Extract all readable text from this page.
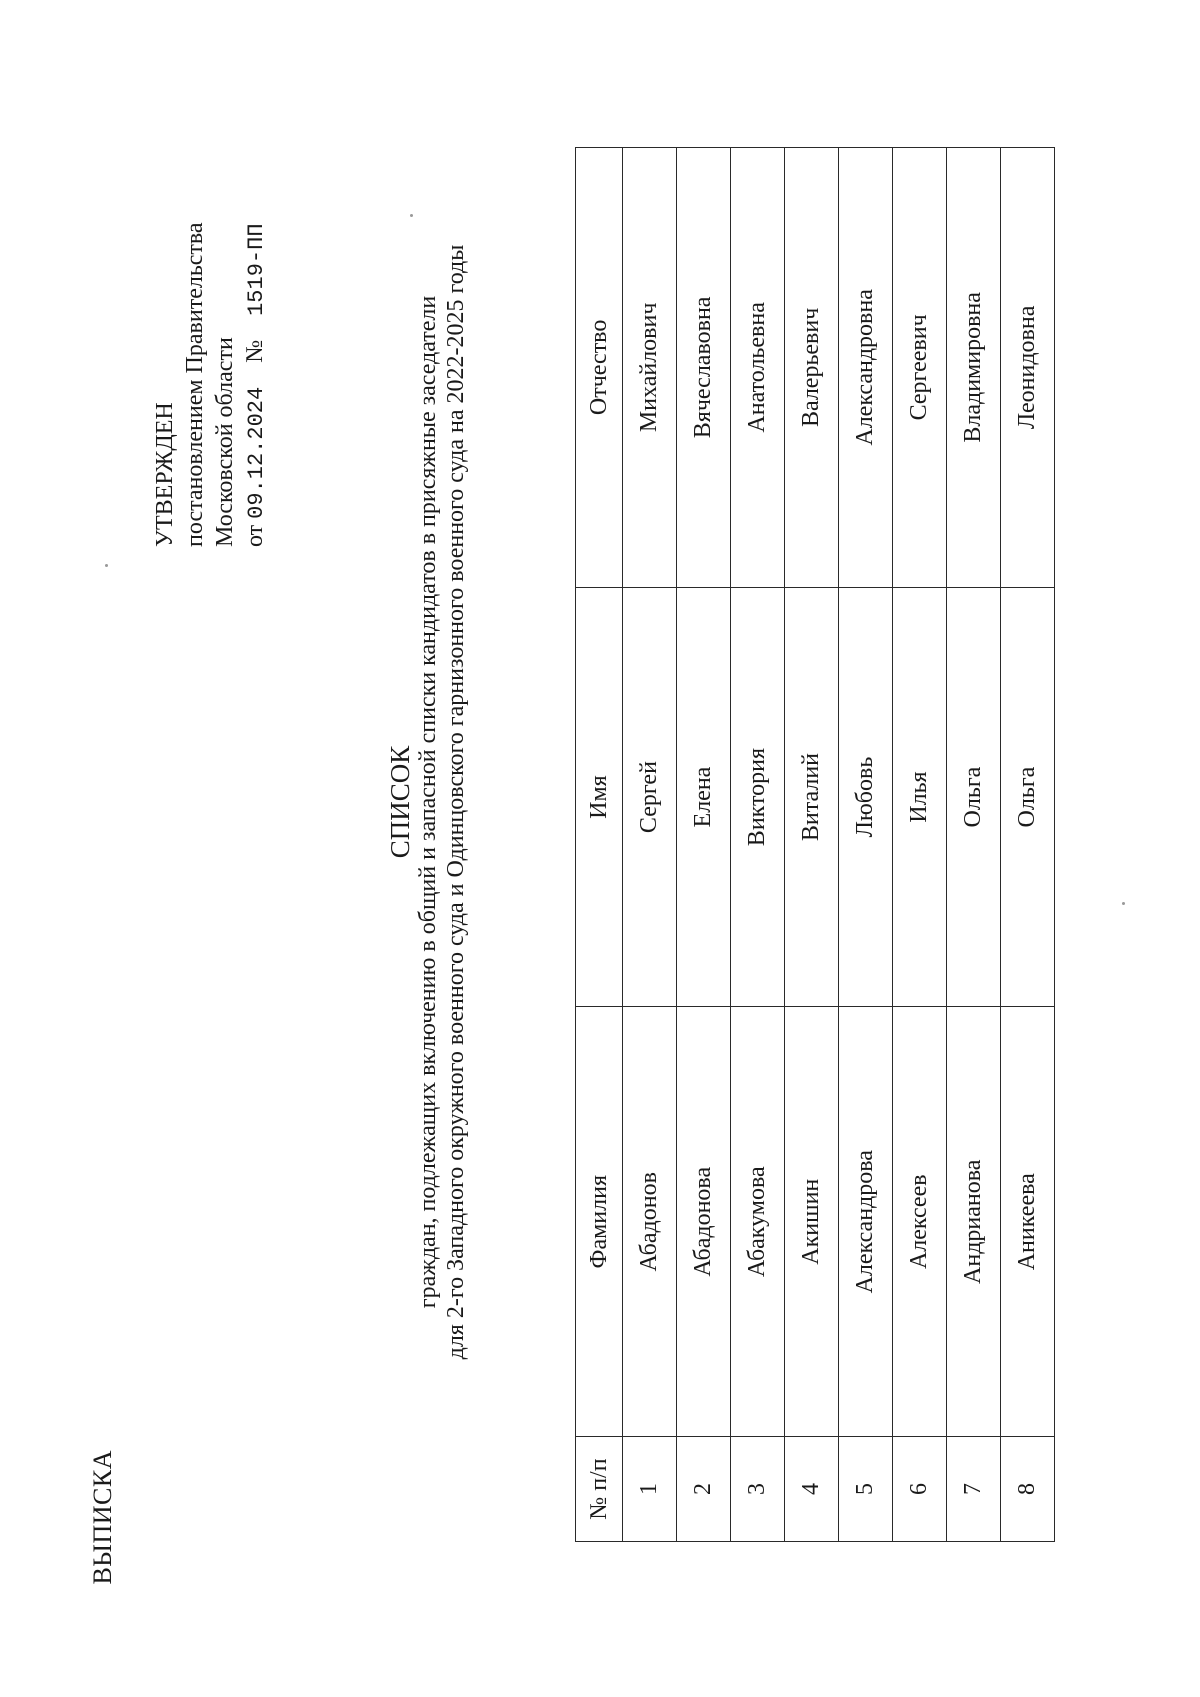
ВЫПИСКА
УТВЕРЖДЕН постановлением Правительства Московской области от 09.12.2024    №    1519-ПП
СПИСОК граждан, подлежащих включению в общий и запасной списки кандидатов в присяжные заседатели для 2-го Западного окружного военного суда и Одинцовского гарнизонного военного суда на 2022-2025 годы
№ п/п	Фамилия	Имя	Отчество
1	Абадонов	Сергей	Михайлович
2	Абадонова	Елена	Вячеславовна
3	Абакумова	Виктория	Анатольевна
4	Акишин	Виталий	Валерьевич
5	Александрова	Любовь	Александровна
6	Алексеев	Илья	Сергеевич
7	Андрианова	Ольга	Владимировна
8	Аникеева	Ольга	Леонидовна
